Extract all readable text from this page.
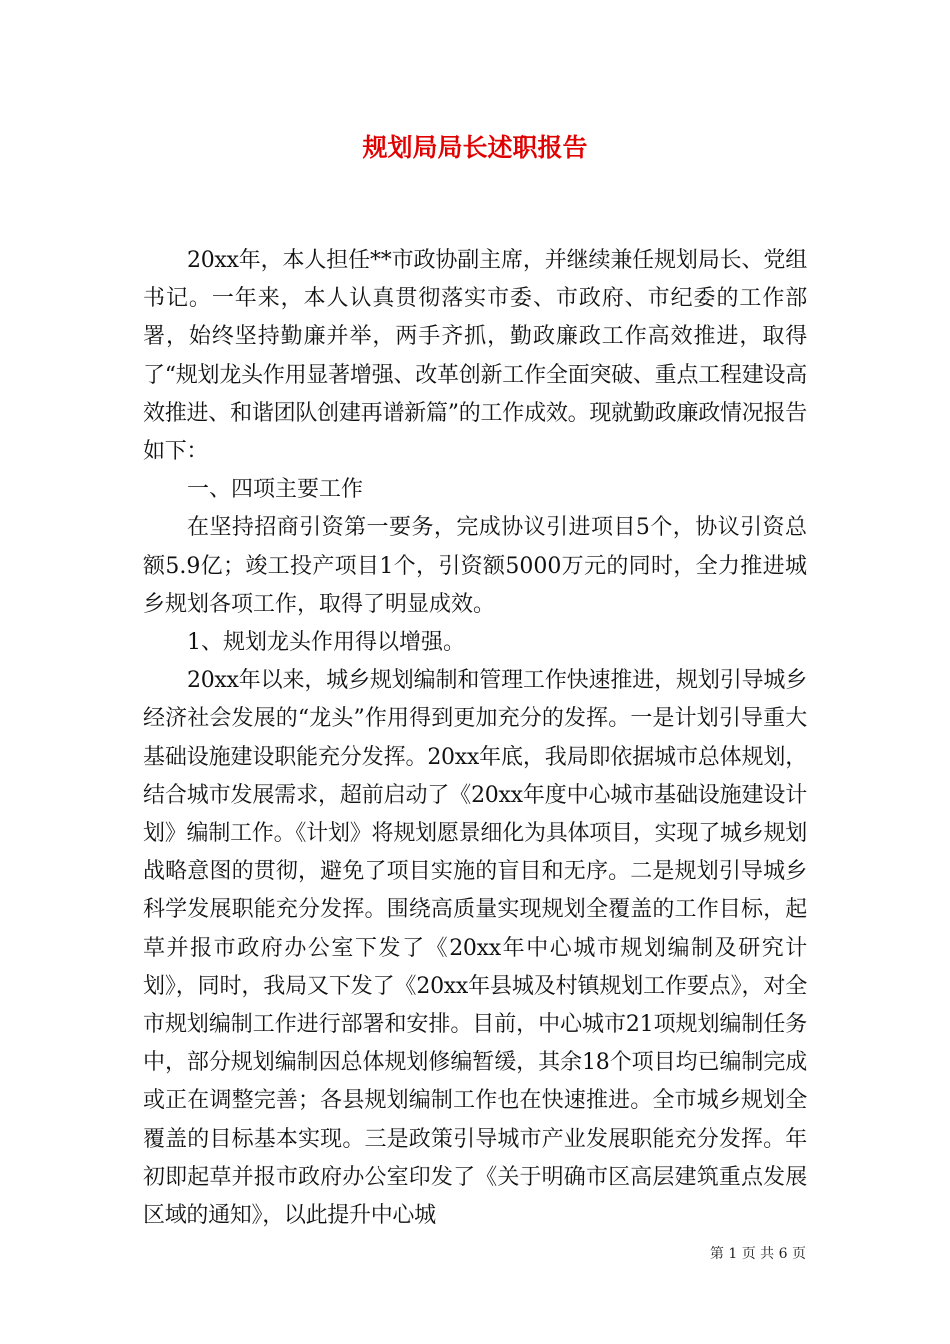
规划局局长述职报告

20xx年，本人担任**市政协副主席，并继续兼任规划局长、党组书记。一年来，本人认真贯彻落实市委、市政府、市纪委的工作部署，始终坚持勤廉并举，两手齐抓，勤政廉政工作高效推进，取得了“规划龙头作用显著增强、改革创新工作全面突破、重点工程建设高效推进、和谐团队创建再谱新篇”的工作成效。现就勤政廉政情况报告如下：

一、四项主要工作

在坚持招商引资第一要务，完成协议引进项目5个，协议引资总额5.9亿；竣工投产项目1个，引资额5000万元的同时，全力推进城乡规划各项工作，取得了明显成效。

1、规划龙头作用得以增强。

20xx年以来，城乡规划编制和管理工作快速推进，规划引导城乡经济社会发展的“龙头”作用得到更加充分的发挥。一是计划引导重大基础设施建设职能充分发挥。20xx年底，我局即依据城市总体规划，结合城市发展需求，超前启动了《20xx年度中心城市基础设施建设计划》编制工作。《计划》将规划愿景细化为具体项目，实现了城乡规划战略意图的贯彻，避免了项目实施的盲目和无序。二是规划引导城乡科学发展职能充分发挥。围绕高质量实现规划全覆盖的工作目标，起草并报市政府办公室下发了《20xx年中心城市规划编制及研究计划》，同时，我局又下发了《20xx年县城及村镇规划工作要点》，对全市规划编制工作进行部署和安排。目前，中心城市21项规划编制任务中，部分规划编制因总体规划修编暂缓，其余18个项目均已编制完成或正在调整完善；各县规划编制工作也在快速推进。全市城乡规划全覆盖的目标基本实现。三是政策引导城市产业发展职能充分发挥。年初即起草并报市政府办公室印发了《关于明确市区高层建筑重点发展区域的通知》，以此提升中心城

第 1 页 共 6 页
